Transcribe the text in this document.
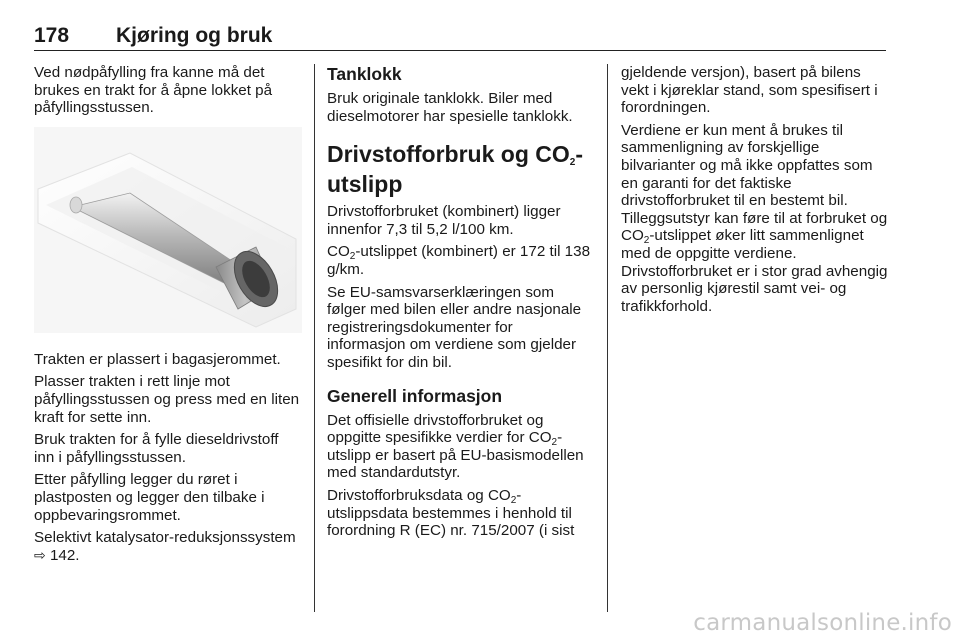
178 Kjøring og bruk

Ved nødpåfylling fra kanne må det brukes en trakt for å åpne lokket på påfyllingsstussen.

Trakten er plassert i bagasjerommet.

Plasser trakten i rett linje mot påfyllingsstussen og press med en liten kraft for sette inn.

Bruk trakten for å fylle dieseldrivstoff inn i påfyllingsstussen.

Etter påfylling legger du røret i plastposten og legger den tilbake i oppbevaringsrommet.

Selektivt katalysator-reduksjonssystem ⇨ 142.

Tanklokk

Bruk originale tanklokk. Biler med dieselmotorer har spesielle tanklokk.

Drivstofforbruk og $CO_2$-utslipp

Drivstofforbruket (kombinert) ligger innenfor 7,3 til 5,2 l/100 km.

$CO_2$-utslippet (kombinert) er 172 til 138 g/km.

Se EU-samsvarserklæringen som følger med bilen eller andre nasjonale registreringsdokumenter for informasjon om verdiene som gjelder spesifikt for din bil.

Generell informasjon

Det offisielle drivstofforbruket og oppgitte spesifikke verdier for $CO_2$-utslipp er basert på EU-basismodellen med standardutstyr.

Drivstofforbruksdata og $CO_2$-utslippsdata bestemmes i henhold til forordning R (EC) nr. 715/2007 (i sist

gjeldende versjon), basert på bilens vekt i kjøreklar stand, som spesifisert i forordningen.

Verdiene er kun ment å brukes til sammenligning av forskjellige bilvarianter og må ikke oppfattes som en garanti for det faktiske drivstofforbruket til en bestemt bil. Tilleggsutstyr kan føre til at forbruket og $CO_2$-utslippet øker litt sammenlignet med de oppgitte verdiene. Drivstofforbruket er i stor grad avhengig av personlig kjørestil samt vei- og trafikkforhold.

carmanualsonline.info
